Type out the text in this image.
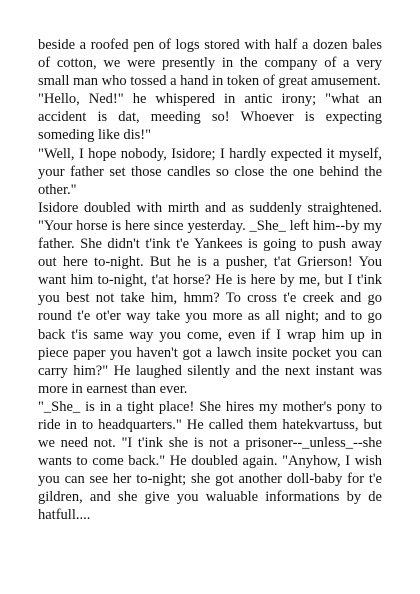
beside a roofed pen of logs stored with half a dozen bales of cotton, we were presently in the company of a very small man who tossed a hand in token of great amusement.

"Hello, Ned!" he whispered in antic irony; "what an accident is dat, meeding so! Whoever is expecting someding like dis!"

"Well, I hope nobody, Isidore; I hardly expected it myself, your father set those candles so close the one behind the other."

Isidore doubled with mirth and as suddenly straightened. "Your horse is here since yesterday. _She_ left him--by my father. She didn't t'ink t'e Yankees is going to push away out here to-night. But he is a pusher, t'at Grierson! You want him to-night, t'at horse? He is here by me, but I t'ink you best not take him, hmm? To cross t'e creek and go round t'e ot'er way take you more as all night; and to go back t'is same way you come, even if I wrap him up in piece paper you haven't got a lawch insite pocket you can carry him?" He laughed silently and the next instant was more in earnest than ever.

"_She_ is in a tight place! She hires my mother's pony to ride in to headquarters." He called them hatekvartuss, but we need not. "I t'ink she is not a prisoner--_unless_--she wants to come back." He doubled again. "Anyhow, I wish you can see her to-night; she got another doll-baby for t'e gildren, and she give you waluable informations by de hatfull....
